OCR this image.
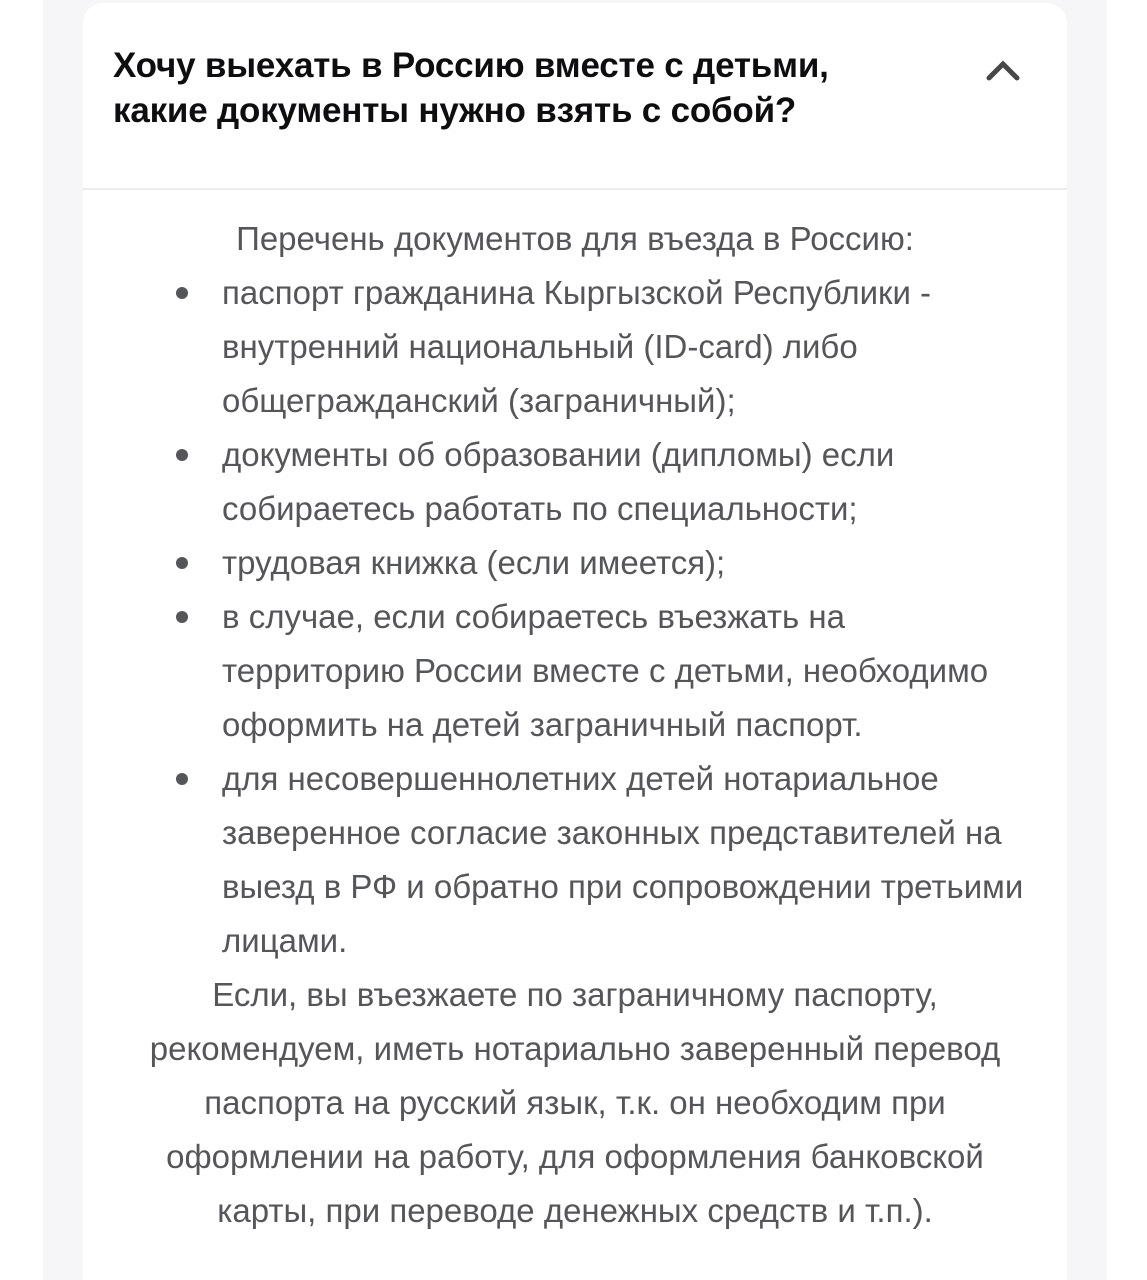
Хочу выехать в Россию вместе с детьми, какие документы нужно взять с собой?

Перечень документов для въезда в Россию:

паспорт гражданина Кыргызской Республики - внутренний национальный (ID-card) либо общегражданский (заграничный);
документы об образовании (дипломы) если собираетесь работать по специальности;
трудовая книжка (если имеется);
в случае, если собираетесь въезжать на территорию России вместе с детьми, необходимо оформить на детей заграничный паспорт.
для несовершеннолетних детей нотариальное заверенное согласие законных представителей на выезд в РФ и обратно при сопровождении третьими лицами.

Если, вы въезжаете по заграничному паспорту, рекомендуем, иметь нотариально заверенный перевод паспорта на русский язык, т.к. он необходим при оформлении на работу, для оформления банковской карты, при переводе денежных средств и т.п.).
